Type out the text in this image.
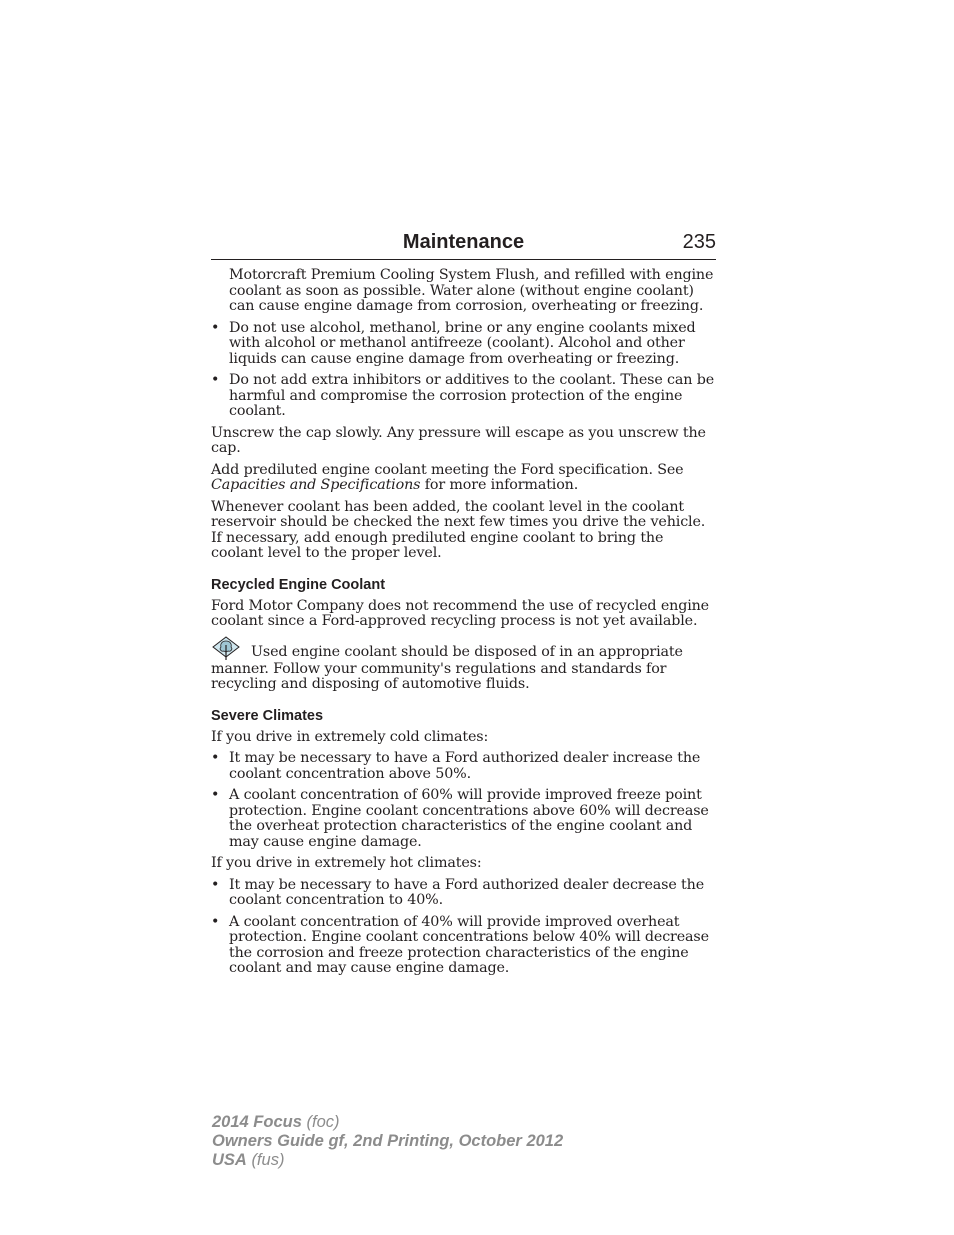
Maintenance	235

Motorcraft Premium Cooling System Flush, and refilled with engine coolant as soon as possible. Water alone (without engine coolant) can cause engine damage from corrosion, overheating or freezing.

• Do not use alcohol, methanol, brine or any engine coolants mixed with alcohol or methanol antifreeze (coolant). Alcohol and other liquids can cause engine damage from overheating or freezing.
• Do not add extra inhibitors or additives to the coolant. These can be harmful and compromise the corrosion protection of the engine coolant.

Unscrew the cap slowly. Any pressure will escape as you unscrew the cap.

Add prediluted engine coolant meeting the Ford specification. See Capacities and Specifications for more information.

Whenever coolant has been added, the coolant level in the coolant reservoir should be checked the next few times you drive the vehicle. If necessary, add enough prediluted engine coolant to bring the coolant level to the proper level.

Recycled Engine Coolant

Ford Motor Company does not recommend the use of recycled engine coolant since a Ford-approved recycling process is not yet available.

Used engine coolant should be disposed of in an appropriate manner. Follow your community's regulations and standards for recycling and disposing of automotive fluids.

Severe Climates

If you drive in extremely cold climates:

• It may be necessary to have a Ford authorized dealer increase the coolant concentration above 50%.
• A coolant concentration of 60% will provide improved freeze point protection. Engine coolant concentrations above 60% will decrease the overheat protection characteristics of the engine coolant and may cause engine damage.

If you drive in extremely hot climates:

• It may be necessary to have a Ford authorized dealer decrease the coolant concentration to 40%.
• A coolant concentration of 40% will provide improved overheat protection. Engine coolant concentrations below 40% will decrease the corrosion and freeze protection characteristics of the engine coolant and may cause engine damage.
2014 Focus (foc)
Owners Guide gf, 2nd Printing, October 2012
USA (fus)
